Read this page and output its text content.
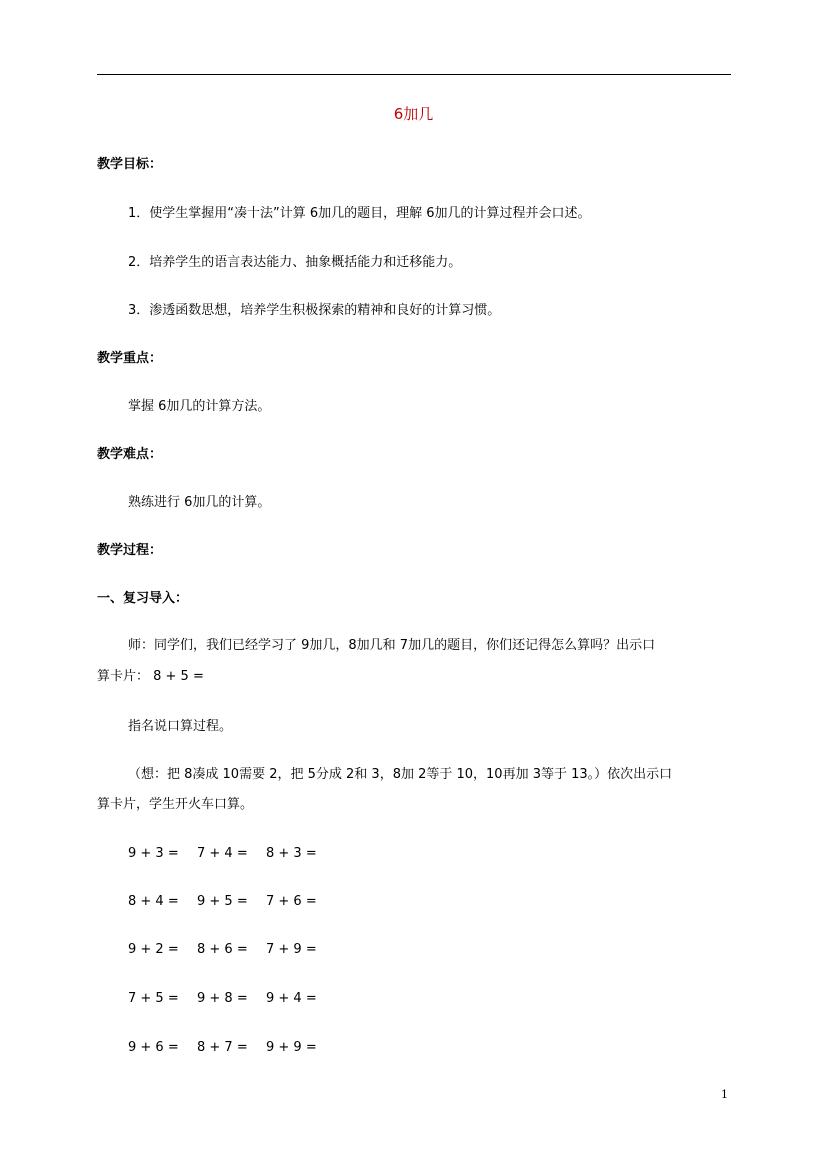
6加几
教学目标：
1．使学生掌握用“凑十法”计算 6加几的题目，理解 6加几的计算过程并会口述。
2．培养学生的语言表达能力、抽象概括能力和迁移能力。
3．渗透函数思想，培养学生积极探索的精神和良好的计算习惯。
教学重点：
掌握 6加几的计算方法。
教学难点：
熟练进行 6加几的计算。
教学过程：
一、复习导入：
师：同学们，我们已经学习了 9加几，8加几和 7加几的题目，你们还记得怎么算吗？出示口
算卡片： 8 + 5 =
指名说口算过程。
（想：把 8凑成 10需要 2，把 5分成 2和 3，8加 2等于 10，10再加 3等于 13。）依次出示口
算卡片，学生开火车口算。
9 + 3 = 7 + 4 = 8 + 3 =
8 + 4 = 9 + 5 = 7 + 6 =
9 + 2 = 8 + 6 = 7 + 9 =
7 + 5 = 9 + 8 = 9 + 4 =
9 + 6 = 8 + 7 = 9 + 9 =
1
